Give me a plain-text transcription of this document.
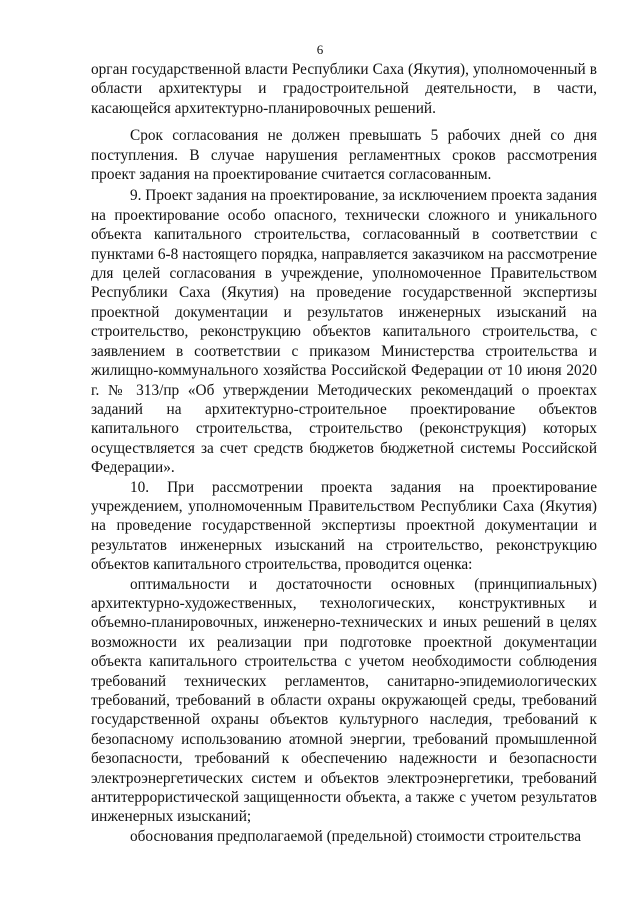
6

орган государственной власти Республики Саха (Якутия), уполномоченный в области архитектуры и градостроительной деятельности, в части, касающейся архитектурно-планировочных решений.

Срок согласования не должен превышать 5 рабочих дней со дня поступления. В случае нарушения регламентных сроков рассмотрения проект задания на проектирование считается согласованным.

9. Проект задания на проектирование, за исключением проекта задания на проектирование особо опасного, технически сложного и уникального объекта капитального строительства, согласованный в соответствии с пунктами 6-8 настоящего порядка, направляется заказчиком на рассмотрение для целей согласования в учреждение, уполномоченное Правительством Республики Саха (Якутия) на проведение государственной экспертизы проектной документации и результатов инженерных изысканий на строительство, реконструкцию объектов капитального строительства, с заявлением в соответствии с приказом Министерства строительства и жилищно-коммунального хозяйства Российской Федерации от 10 июня 2020 г. № 313/пр «Об утверждении Методических рекомендаций о проектах заданий на архитектурно-строительное проектирование объектов капитального строительства, строительство (реконструкция) которых осуществляется за счет средств бюджетов бюджетной системы Российской Федерации».

10. При рассмотрении проекта задания на проектирование учреждением, уполномоченным Правительством Республики Саха (Якутия) на проведение государственной экспертизы проектной документации и результатов инженерных изысканий на строительство, реконструкцию объектов капитального строительства, проводится оценка:

оптимальности и достаточности основных (принципиальных) архитектурно-художественных, технологических, конструктивных и объемно-планировочных, инженерно-технических и иных решений в целях возможности их реализации при подготовке проектной документации объекта капитального строительства с учетом необходимости соблюдения требований технических регламентов, санитарно-эпидемиологических требований, требований в области охраны окружающей среды, требований государственной охраны объектов культурного наследия, требований к безопасному использованию атомной энергии, требований промышленной безопасности, требований к обеспечению надежности и безопасности электроэнергетических систем и объектов электроэнергетики, требований антитеррористической защищенности объекта, а также с учетом результатов инженерных изысканий;

обоснования предполагаемой (предельной) стоимости строительства
